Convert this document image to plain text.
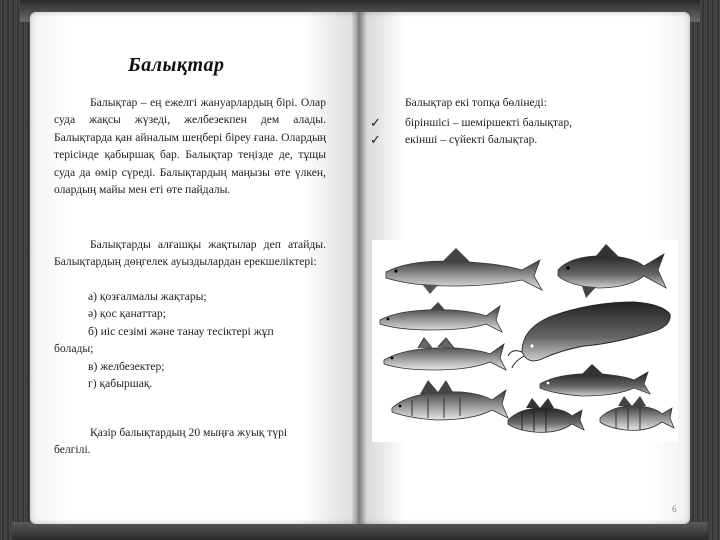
Балықтар
Балықтар – ең ежелгі жануарлардың бірі. Олар суда жақсы жүзеді, желбезекпен дем алады. Балықтарда қан айналым шеңбері біреу ғана. Олардың терісінде қабыршақ бар. Балықтар теңізде де, тұщы суда да өмір сүреді. Балықтардың маңызы өте үлкен, олардың майы мен еті өте пайдалы.
Балықтарды алғашқы жақтылар деп атайды. Балықтардың дөңгелек ауыздылардан ерекшеліктері:
а) қозғалмалы жақтары;
ә) қос қанаттар;
б) иіс сезімі және танау тесіктері жұп
болады;
в) желбезектер;
г) қабыршақ.
Қазір балықтардың 20 мыңға жуық түрі белгілі.
Балықтар екі топқа бөлінеді:
✓
✓
біріншісі – шеміршекті балықтар,
екінші – сүйекті балықтар.
6
